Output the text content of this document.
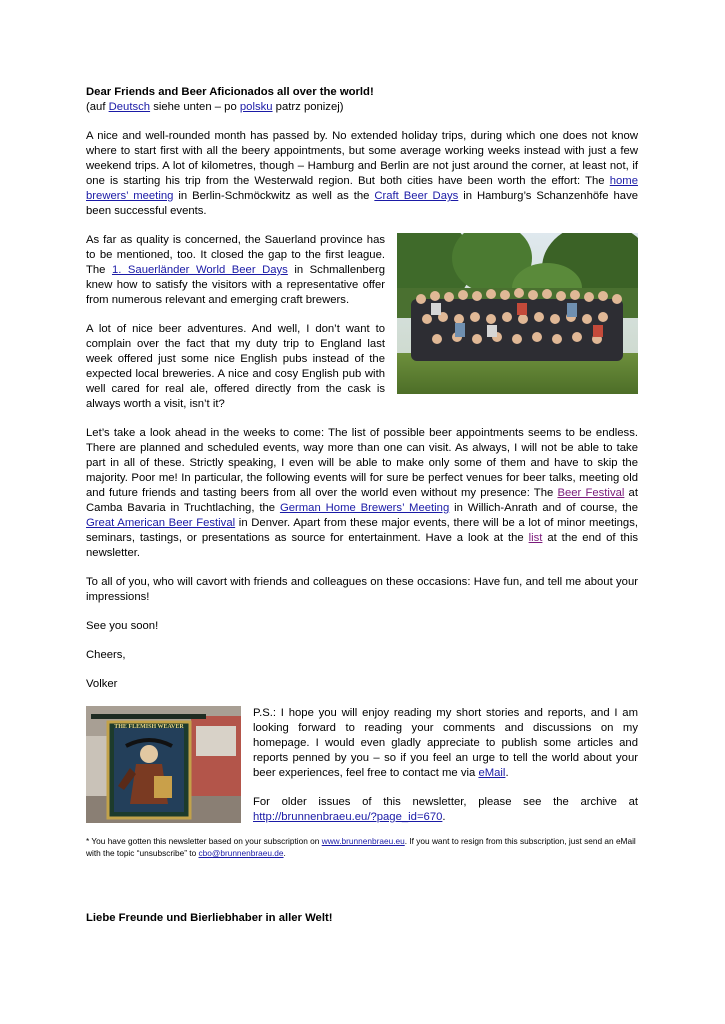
Dear Friends and Beer Aficionados all over the world!

(auf Deutsch siehe unten – po polsku patrz ponizej)

A nice and well-rounded month has passed by. No extended holiday trips, during which one does not know where to start first with all the beery appointments, but some average working weeks instead with just a few weekend trips. A lot of kilometres, though – Hamburg and Berlin are not just around the corner, at least not, if one is starting his trip from the Westerwald region. But both cities have been worth the effort: The home brewers’ meeting in Berlin-Schmöckwitz as well as the Craft Beer Days in Hamburg’s Schanzenhöfe have been successful events.

As far as quality is concerned, the Sauerland province has to be mentioned, too. It closed the gap to the first league. The 1. Sauerländer World Beer Days in Schmallenberg knew how to satisfy the visitors with a representative offer from numerous relevant and emerging craft brewers.

A lot of nice beer adventures. And well, I don’t want to complain over the fact that my duty trip to England last week offered just some nice English pubs instead of the expected local breweries. A nice and cosy English pub with well cared for real ale, offered directly from the cask is always worth a visit, isn’t it?

Let’s take a look ahead in the weeks to come: The list of possible beer appointments seems to be endless. There are planned and scheduled events, way more than one can visit. As always, I will not be able to take part in all of these. Strictly speaking, I even will be able to make only some of them and have to skip the majority. Poor me! In particular, the following events will for sure be perfect venues for beer talks, meeting old and future friends and tasting beers from all over the world even without my presence: The Beer Festival at Camba Bavaria in Truchtlaching, the German Home Brewers’ Meeting in Willich-Anrath and of course, the Great American Beer Festival in Denver. Apart from these major events, there will be a lot of minor meetings, seminars, tastings, or presentations as source for entertainment. Have a look at the list at the end of this newsletter.

To all of you, who will cavort with friends and colleagues on these occasions: Have fun, and tell me about your impressions!

See you soon!

Cheers,

Volker

THE FLEMISH WEAVER

P.S.: I hope you will enjoy reading my short stories and reports, and I am looking forward to reading your comments and discussions on my homepage. I would even gladly appreciate to publish some articles and reports penned by you – so if you feel an urge to tell the world about your beer experiences, feel free to contact me via eMail.

For older issues of this newsletter, please see the archive at http://brunnenbraeu.eu/?page_id=670.

* You have gotten this newsletter based on your subscription on www.brunnenbraeu.eu. If you want to resign from this subscription, just send an eMail with the topic “unsubscribe” to cbo@brunnenbraeu.de.

Liebe Freunde und Bierliebhaber in aller Welt!
